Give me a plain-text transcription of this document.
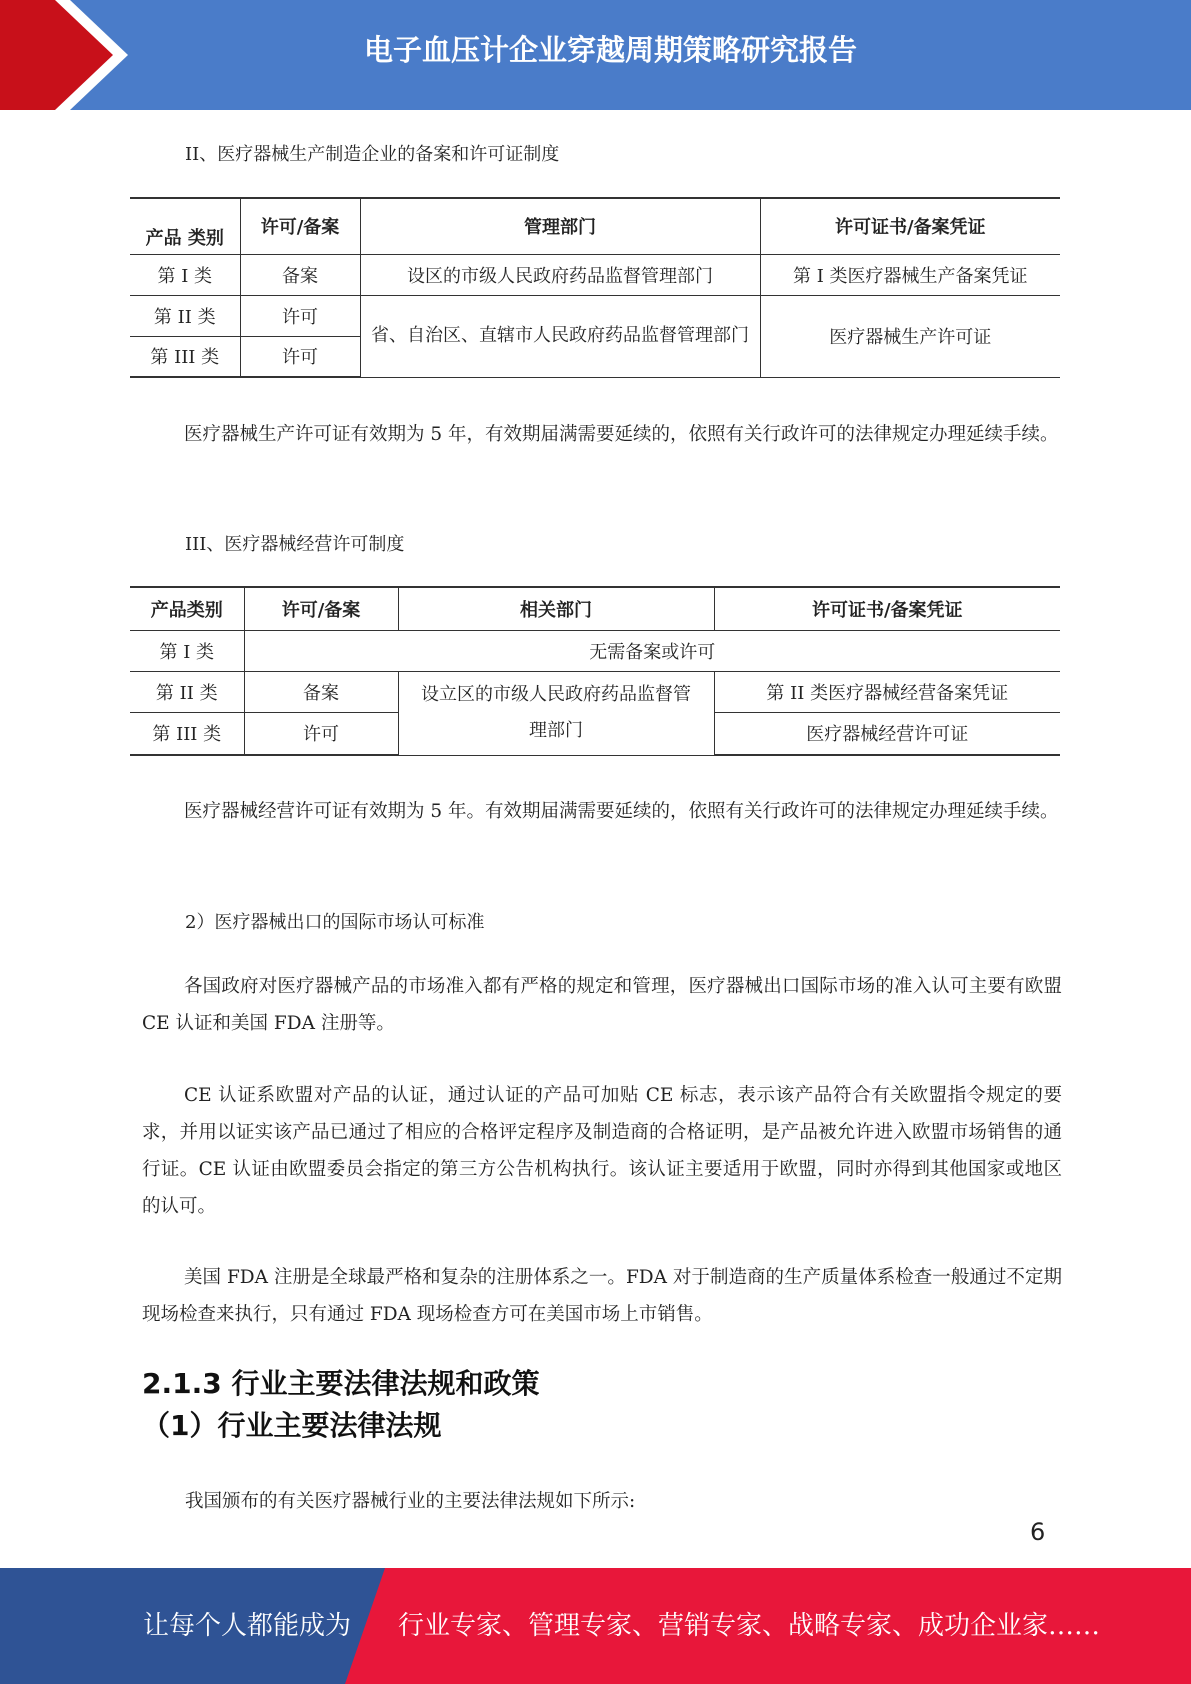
电子血压计企业穿越周期策略研究报告
II、医疗器械生产制造企业的备案和许可证制度
产品 类别	许可/备案	管理部门	许可证书/备案凭证
第 I 类	备案	设区的市级人民政府药品监督管理部门	第 I 类医疗器械生产备案凭证
第 II 类	许可	省、自治区、直辖市人民政府药品监督管理部门	医疗器械生产许可证
第 III 类	许可		
医疗器械生产许可证有效期为 5 年，有效期届满需要延续的，依照有关行政许可的法律规定办理延续手续。
III、医疗器械经营许可制度
产品类别	许可/备案	相关部门	许可证书/备案凭证
第 I 类	无需备案或许可		
第 II 类	备案	设立区的市级人民政府药品监督管理部门	第 II 类医疗器械经营备案凭证
第 III 类	许可		医疗器械经营许可证
医疗器械经营许可证有效期为 5 年。有效期届满需要延续的，依照有关行政许可的法律规定办理延续手续。
2）医疗器械出口的国际市场认可标准
各国政府对医疗器械产品的市场准入都有严格的规定和管理，医疗器械出口国际市场的准入认可主要有欧盟 CE 认证和美国 FDA 注册等。
CE 认证系欧盟对产品的认证，通过认证的产品可加贴 CE 标志，表示该产品符合有关欧盟指令规定的要求，并用以证实该产品已通过了相应的合格评定程序及制造商的合格证明，是产品被允许进入欧盟市场销售的通行证。CE 认证由欧盟委员会指定的第三方公告机构执行。该认证主要适用于欧盟，同时亦得到其他国家或地区的认可。
美国 FDA 注册是全球最严格和复杂的注册体系之一。FDA 对于制造商的生产质量体系检查一般通过不定期现场检查来执行，只有通过 FDA 现场检查方可在美国市场上市销售。
2.1.3 行业主要法律法规和政策
（1）行业主要法律法规
我国颁布的有关医疗器械行业的主要法律法规如下所示:
6
让每个人都能成为 行业专家、管理专家、营销专家、战略专家、成功企业家……
